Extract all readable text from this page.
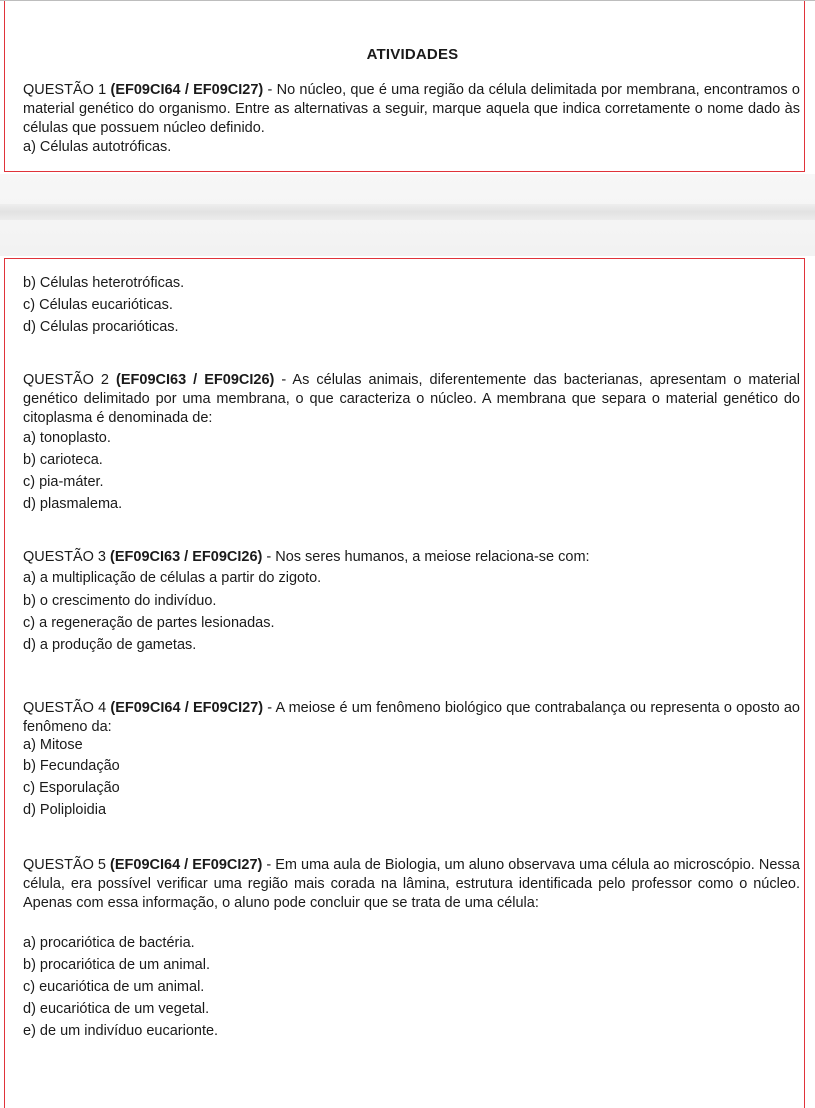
ATIVIDADES
QUESTÃO 1 (EF09CI64 / EF09CI27) - No núcleo, que é uma região da célula delimitada por membrana, encontramos o material genético do organismo. Entre as alternativas a seguir, marque aquela que indica corretamente o nome dado às células que possuem núcleo definido.
a) Células autotróficas.
b) Células heterotróficas.
c) Células eucarióticas.
d) Células procarióticas.
QUESTÃO 2 (EF09CI63 / EF09CI26) - As células animais, diferentemente das bacterianas, apresentam o material genético delimitado por uma membrana, o que caracteriza o núcleo. A membrana que separa o material genético do citoplasma é denominada de:
a) tonoplasto.
b) carioteca.
c) pia-máter.
d) plasmalema.
QUESTÃO 3 (EF09CI63 / EF09CI26) - Nos seres humanos, a meiose relaciona-se com:
a) a multiplicação de células a partir do zigoto.
b) o crescimento do indivíduo.
c) a regeneração de partes lesionadas.
d) a produção de gametas.
QUESTÃO 4 (EF09CI64 / EF09CI27) - A meiose é um fenômeno biológico que contrabalança ou representa o oposto ao fenômeno da:
a) Mitose
b) Fecundação
c) Esporulação
d) Poliploidia
QUESTÃO 5 (EF09CI64 / EF09CI27) - Em uma aula de Biologia, um aluno observava uma célula ao microscópio. Nessa célula, era possível verificar uma região mais corada na lâmina, estrutura identificada pelo professor como o núcleo. Apenas com essa informação, o aluno pode concluir que se trata de uma célula:
a) procariótica de bactéria.
b) procariótica de um animal.
c) eucariótica de um animal.
d) eucariótica de um vegetal.
e) de um indivíduo eucarionte.
